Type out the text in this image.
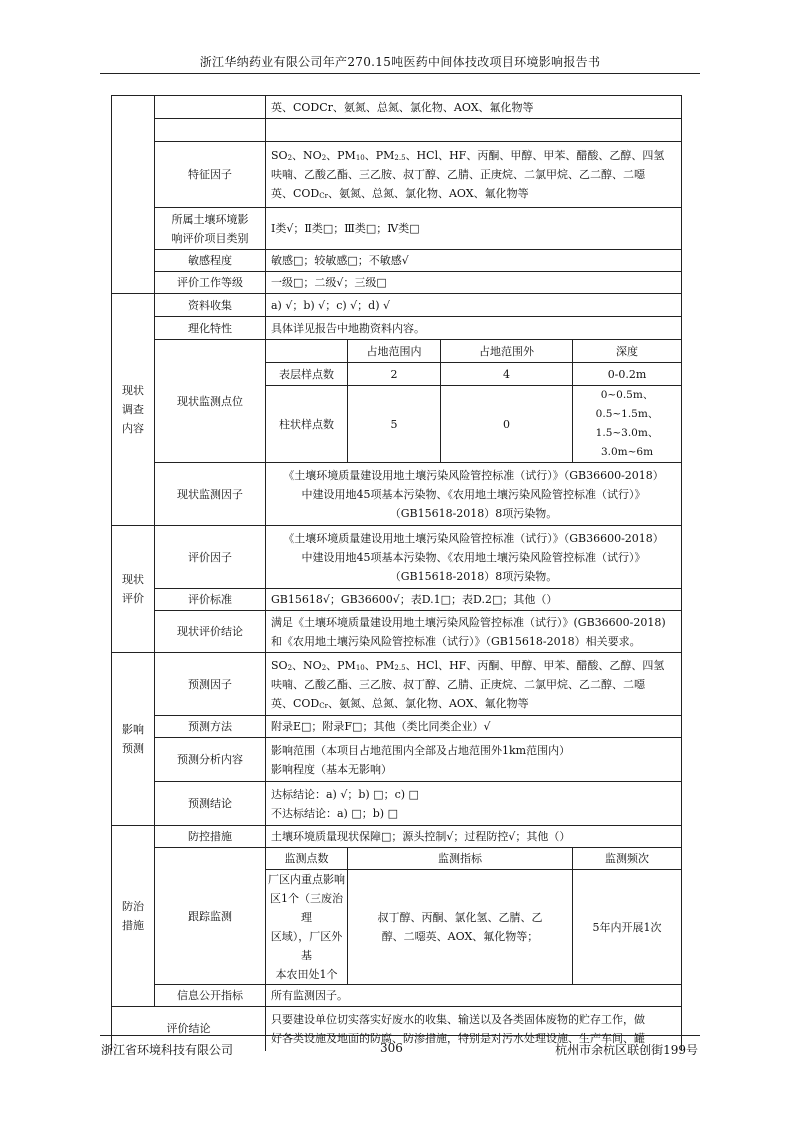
浙江华纳药业有限公司年产270.15吨医药中间体技改项目环境影响报告书
		英、CODCr、氨氮、总氮、氯化物、AOX、氟化物等			

	特征因子	$SO_2$、$NO_2$、$PM_{10}$、$PM_{2.5}$、HCl、HF、丙酮、甲醇、甲苯、醋酸、乙醇、四氢
呋喃、乙酸乙酯、三乙胺、叔丁醇、乙腈、正庚烷、二氯甲烷、乙二醇、二噁
英、$COD_{Cr}$、氨氮、总氮、氯化物、AOX、氟化物等			
	所属土壤环境影
响评价项目类别	Ⅰ类√；Ⅱ类□；Ⅲ类□；Ⅳ类□			
	敏感程度	敏感□；较敏感□；不敏感√			
	评价工作等级	一级□；二级√；三级□			
现状
调查
内容	资料收集	a) √；b) √；c) √；d) √			
	理化特性	具体详见报告中地勘资料内容。			
	现状监测点位		占地范围内	占地范围外	深度
		表层样点数	2	4	0-0.2m
		柱状样点数	5	0	0~0.5m、0.5~1.5m、1.5~3.0m、
3.0m~6m
	现状监测因子	《土壤环境质量建设用地土壤污染风险管控标准（试行）》（GB36600-2018）
中建设用地45项基本污染物、《农用地土壤污染风险管控标准（试行）》
（GB15618-2018）8项污染物。			
现状
评价	评价因子	《土壤环境质量建设用地土壤污染风险管控标准（试行）》（GB36600-2018）
中建设用地45项基本污染物、《农用地土壤污染风险管控标准（试行）》
（GB15618-2018）8项污染物。			
	评价标准	GB15618√；GB36600√；表D.1□；表D.2□；其他（）			
	现状评价结论	满足《土壤环境质量建设用地土壤污染风险管控标准（试行）》(GB36600-2018)
和《农用地土壤污染风险管控标准（试行）》（GB15618-2018）相关要求。			
影响
预测	预测因子	$SO_2$、$NO_2$、$PM_{10}$、$PM_{2.5}$、HCl、HF、丙酮、甲醇、甲苯、醋酸、乙醇、四氢
呋喃、乙酸乙酯、三乙胺、叔丁醇、乙腈、正庚烷、二氯甲烷、乙二醇、二噁
英、$COD_{Cr}$、氨氮、总氮、氯化物、AOX、氟化物等			
	预测方法	附录E□；附录F□；其他（类比同类企业）√			
	预测分析内容	影响范围（本项目占地范围内全部及占地范围外1km范围内）
影响程度（基本无影响）			
	预测结论	达标结论：a) √；b) □；c) □
不达标结论：a) □；b) □			
防治
措施	防控措施	土壤环境质量现状保障□；源头控制√；过程防控√；其他（）			
	跟踪监测	监测点数	监测指标		监测频次
		厂区内重点影响
区1个（三废治理
区域），厂区外基
本农田处1个	叔丁醇、丙酮、氯化氢、乙腈、乙
醇、二噁英、AOX、氟化物等；		5年内开展1次
	信息公开指标	所有监测因子。			
评价结论		只要建设单位切实落实好废水的收集、输送以及各类固体废物的贮存工作，做
好各类设施及地面的防腐、防渗措施，特别是对污水处理设施、生产车间、罐			
浙江省环境科技有限公司	306	杭州市余杭区联创街199号
